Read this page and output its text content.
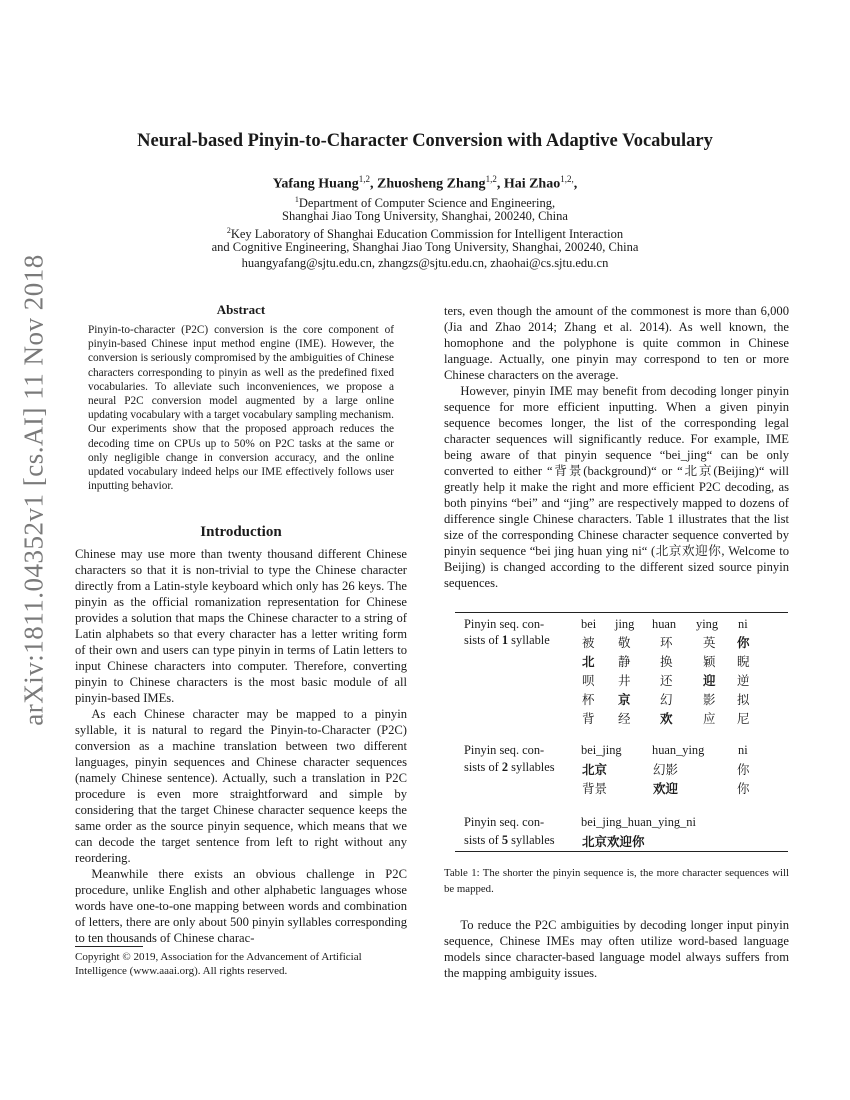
arXiv:1811.04352v1 [cs.AI] 11 Nov 2018
Neural-based Pinyin-to-Character Conversion with Adaptive Vocabulary
Yafang Huang$^{1,2}$, Zhuosheng Zhang$^{1,2}$, Hai Zhao$^{1,2,}$,
$^1$Department of Computer Science and Engineering,
Shanghai Jiao Tong University, Shanghai, 200240, China
$^2$Key Laboratory of Shanghai Education Commission for Intelligent Interaction
and Cognitive Engineering, Shanghai Jiao Tong University, Shanghai, 200240, China
huangyafang@sjtu.edu.cn, zhangzs@sjtu.edu.cn, zhaohai@cs.sjtu.edu.cn
Abstract
Pinyin-to-character (P2C) conversion is the core component of pinyin-based Chinese input method engine (IME). However, the conversion is seriously compromised by the ambiguities of Chinese characters corresponding to pinyin as well as the predefined fixed vocabularies. To alleviate such inconveniences, we propose a neural P2C conversion model augmented by a large online updating vocabulary with a target vocabulary sampling mechanism. Our experiments show that the proposed approach reduces the decoding time on CPUs up to 50% on P2C tasks at the same or only negligible change in conversion accuracy, and the online updated vocabulary indeed helps our IME effectively follows user inputting behavior.
Introduction

Chinese may use more than twenty thousand different Chinese characters so that it is non-trivial to type the Chinese character directly from a Latin-style keyboard which only has 26 keys. The pinyin as the official romanization representation for Chinese provides a solution that maps the Chinese character to a string of Latin alphabets so that every character has a letter writing form of their own and users can type pinyin in terms of Latin letters to input Chinese characters into computer. Therefore, converting pinyin to Chinese characters is the most basic module of all pinyin-based IMEs.

As each Chinese character may be mapped to a pinyin syllable, it is natural to regard the Pinyin-to-Character (P2C) conversion as a machine translation between two different languages, pinyin sequences and Chinese character sequences (namely Chinese sentence). Actually, such a translation in P2C procedure is even more straightforward and simple by considering that the target Chinese character sequence keeps the same order as the source pinyin sequence, which means that we can decode the target sentence from left to right without any reordering.

Meanwhile there exists an obvious challenge in P2C procedure, unlike English and other alphabetic languages whose words have one-to-one mapping between words and combination of letters, there are only about 500 pinyin syllables corresponding to ten thousands of Chinese charac-

Copyright © 2019, Association for the Advancement of Artificial Intelligence (www.aaai.org). All rights reserved.

ters, even though the amount of the commonest is more than 6,000 (Jia and Zhao 2014; Zhang et al. 2014). As well known, the homophone and the polyphone is quite common in Chinese language. Actually, one pinyin may correspond to ten or more Chinese characters on the average.

However, pinyin IME may benefit from decoding longer pinyin sequence for more efficient inputting. When a given pinyin sequence becomes longer, the list of the corresponding legal character sequences will significantly reduce. For example, IME being aware of that pinyin sequence “bei_jing“ can be only converted to either “背景(background)“ or “北京(Beijing)“ will greatly help it make the right and more efficient P2C decoding, as both pinyins “bei” and “jing” are respectively mapped to dozens of difference single Chinese characters. Table 1 illustrates that the list size of the corresponding Chinese character sequence converted by pinyin sequence “bei jing huan ying ni“ (北京欢迎你, Welcome to Beijing) is changed according to the different sized source pinyin sequences.

Pinyin seq. con-
sists of 1 syllable
bei jing huan ying ni
被 敬 环 英 你
北 静 换 颖 睨
呗 井 还 迎 逆
杯 京 幻 影 拟
背 经 欢 应 尼
Pinyin seq. con-
sists of 2 syllables
bei_jing huan_ying	ni
北京	幻影	你
背景	欢迎	你
Pinyin seq. con-
sists of 5 syllables
bei_jing_huan_ying_ni
北京欢迎你
Table 1: The shorter the pinyin sequence is, the more character sequences will be mapped.

To reduce the P2C ambiguities by decoding longer input pinyin sequence, Chinese IMEs may often utilize word-based language models since character-based language model always suffers from the mapping ambiguity issues.
